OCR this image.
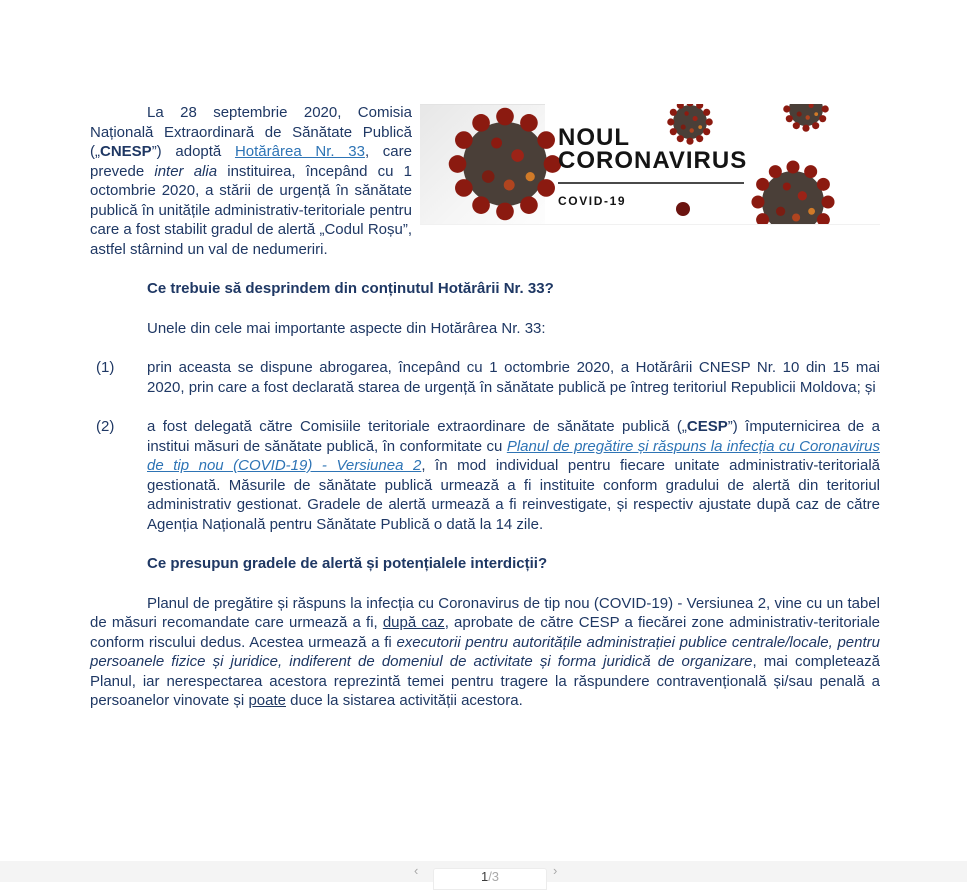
NOUL
CORONAVIRUS
COVID-19
La 28 septembrie 2020, Comisia Națională Extraordinară de Sănătate Publică („CNESP”) adoptă Hotărârea Nr. 33, care prevede inter alia instituirea, începând cu 1 octombrie 2020, a stării de urgență în sănătate publică în unitățile administrativ-teritoriale pentru care a fost stabilit gradul de alertă „Codul Roșu”, astfel stârnind un val de nedumeriri.

Ce trebuie să desprindem din conținutul Hotărârii Nr. 33?

Unele din cele mai importante aspecte din Hotărârea Nr. 33:

(1) prin aceasta se dispune abrogarea, începând cu 1 octombrie 2020, a Hotărârii CNESP Nr. 10 din 15 mai 2020, prin care a fost declarată starea de urgență în sănătate publică pe întreg teritoriul Republicii Moldova; și
(2) a fost delegată către Comisiile teritoriale extraordinare de sănătate publică („CESP”) împuternicirea de a institui măsuri de sănătate publică, în conformitate cu Planul de pregătire și răspuns la infecția cu Coronavirus de tip nou (COVID-19) - Versiunea 2, în mod individual pentru fiecare unitate administrativ-teritorială gestionată. Măsurile de sănătate publică urmează a fi instituite conform gradului de alertă din teritoriul administrativ gestionat. Gradele de alertă urmează a fi reinvestigate, și respectiv ajustate după caz de către Agenția Națională pentru Sănătate Publică o dată la 14 zile.

Ce presupun gradele de alertă și potențialele interdicții?

Planul de pregătire și răspuns la infecția cu Coronavirus de tip nou (COVID-19) - Versiunea 2, vine cu un tabel de măsuri recomandate care urmează a fi, după caz, aprobate de către CESP a fiecărei zone administrativ-teritoriale conform riscului dedus. Acestea urmează a fi executorii pentru autoritățile administrației publice centrale/locale, pentru persoanele fizice și juridice, indiferent de domeniul de activitate și forma juridică de organizare, mai completează Planul, iar nerespectarea acestora reprezintă temei pentru tragere la răspundere contravențională și/sau penală a persoanelor vinovate și poate duce la sistarea activității acestora.

‹	1/3	›
